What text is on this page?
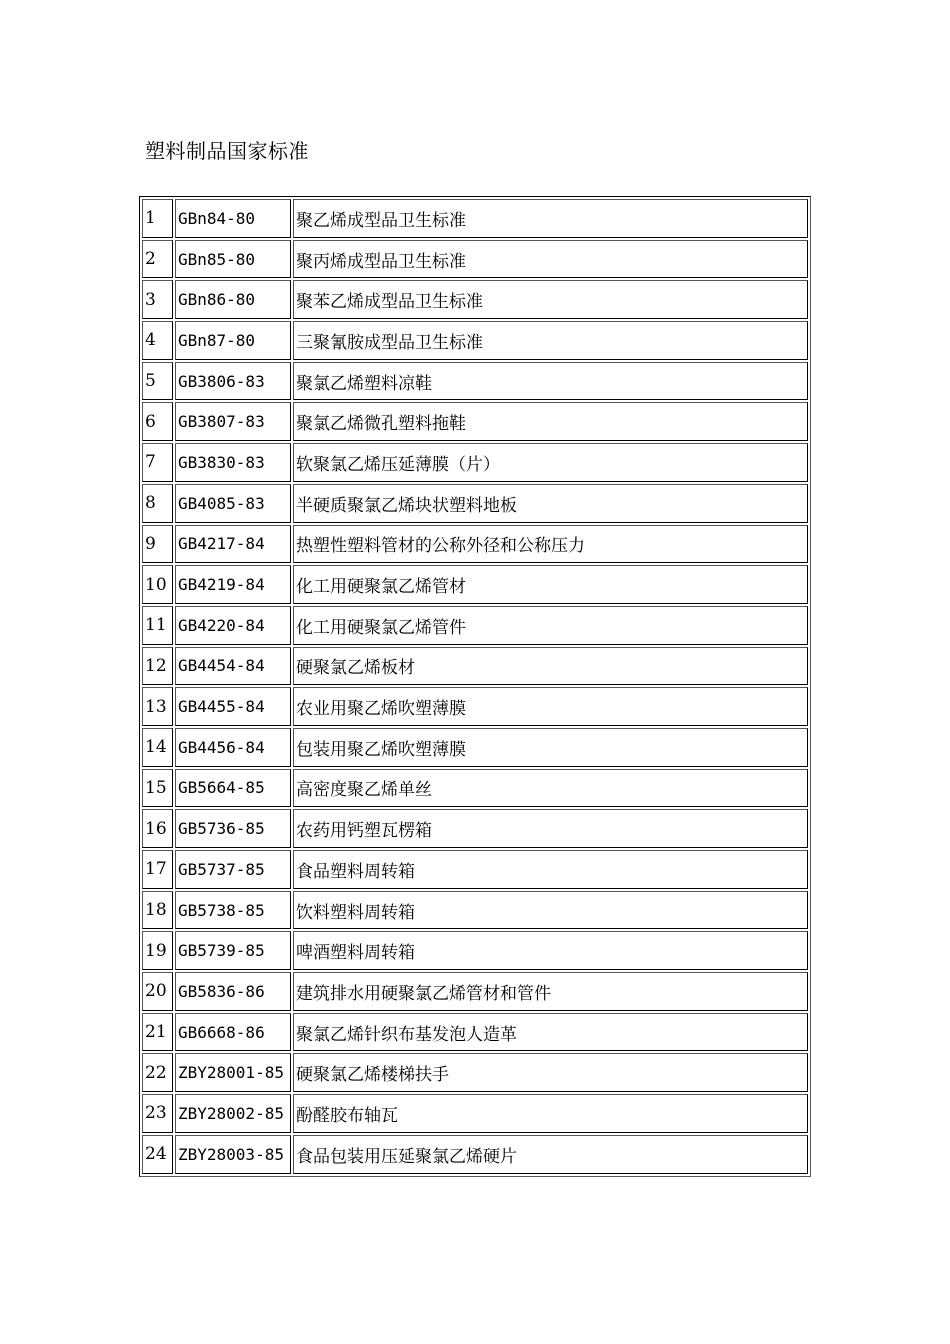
塑料制品国家标准
1	GBn84-80	聚乙烯成型品卫生标准
2	GBn85-80	聚丙烯成型品卫生标准
3	GBn86-80	聚苯乙烯成型品卫生标准
4	GBn87-80	三聚氰胺成型品卫生标准
5	GB3806-83	聚氯乙烯塑料凉鞋
6	GB3807-83	聚氯乙烯微孔塑料拖鞋
7	GB3830-83	软聚氯乙烯压延薄膜（片）
8	GB4085-83	半硬质聚氯乙烯块状塑料地板
9	GB4217-84	热塑性塑料管材的公称外径和公称压力
10	GB4219-84	化工用硬聚氯乙烯管材
11	GB4220-84	化工用硬聚氯乙烯管件
12	GB4454-84	硬聚氯乙烯板材
13	GB4455-84	农业用聚乙烯吹塑薄膜
14	GB4456-84	包装用聚乙烯吹塑薄膜
15	GB5664-85	高密度聚乙烯单丝
16	GB5736-85	农药用钙塑瓦楞箱
17	GB5737-85	食品塑料周转箱
18	GB5738-85	饮料塑料周转箱
19	GB5739-85	啤酒塑料周转箱
20	GB5836-86	建筑排水用硬聚氯乙烯管材和管件
21	GB6668-86	聚氯乙烯针织布基发泡人造革
22	ZBY28001-85	硬聚氯乙烯楼梯扶手
23	ZBY28002-85	酚醛胶布轴瓦
24	ZBY28003-85	食品包装用压延聚氯乙烯硬片
